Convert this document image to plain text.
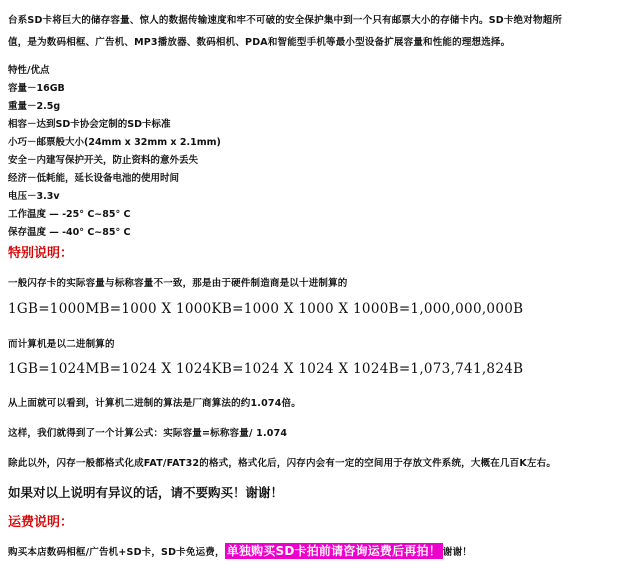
台系SD卡将巨大的储存容量、惊人的数据传输速度和牢不可破的安全保护集中到一个只有邮票大小的存储卡内。SD卡绝对物超所
值，是为数码相框、广告机、MP3播放器、数码相机、PDA和智能型手机等最小型设备扩展容量和性能的理想选择。
特性/优点
容量－16GB
重量－2.5g
相容－达到SD卡协会定制的SD卡标准
小巧－邮票般大小(24mm x 32mm x 2.1mm)
安全－内建写保护开关，防止资料的意外丢失
经济－低耗能，延长设备电池的使用时间
电压－3.3v
工作温度 — -25° C~85° C
保存温度 — -40° C~85° C
特别说明：
一般闪存卡的实际容量与标称容量不一致，那是由于硬件制造商是以十进制算的
1GB=1000MB=1000 X 1000KB=1000 X 1000 X 1000B=1,000,000,000B
而计算机是以二进制算的
1GB=1024MB=1024 X 1024KB=1024 X 1024 X 1024B=1,073,741,824B
从上面就可以看到，计算机二进制的算法是厂商算法的约1.074倍。
这样，我们就得到了一个计算公式：实际容量=标称容量/ 1.074
除此以外，闪存一般都格式化成FAT/FAT32的格式，格式化后，闪存内会有一定的空间用于存放文件系统，大概在几百K左右。
如果对以上说明有异议的话，请不要购买！谢谢！
运费说明：
购买本店数码相框/广告机+SD卡，SD卡免运费， 单独购买SD卡拍前请咨询运费后再拍！ 谢谢！
